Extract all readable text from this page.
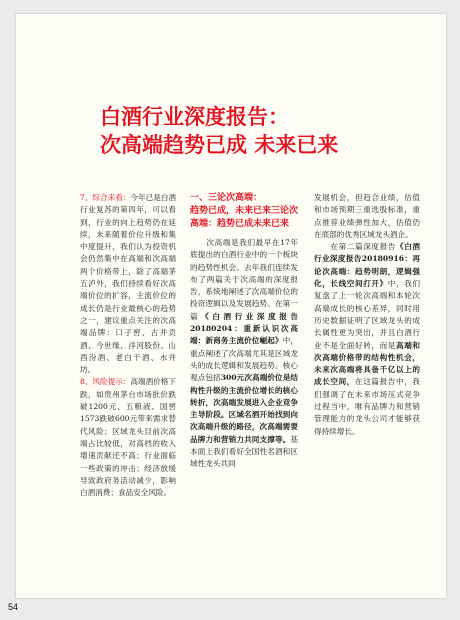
白酒行业深度报告：
次高端趋势已成 未来已来

7、综合来看：今年已是白酒行业复苏的第四年，可以看到，行业的向上趋势仍在延续，未来随着价位升级和集中度提升，我们认为投资机会仍然集中在高端和次高端两个价格带上，除了高端茅五泸外，我们持续看好次高端价位的扩容，主流价位的成长仍是行业最核心的趋势之一，建议重点关注的次高端品牌：口子窖、古井贡酒、今世缘、洋河股份、山西汾酒、老白干酒、水井坊。

8、风险提示：高端酒价格下跌，如贵州茅台市场批价跌破1200元、五粮液、国窖1573跌破600元带来需求替代风险；区域龙头目前次高端占比较低，对高档的收入增速贡献还不高；行业面临一些政策的冲击；经济放缓导致政府务活动减少，影响白酒消费；食品安全风险。

一、三论次高端：
趋势已成，未来已来三论次高端：趋势已成未来已来

　　次高端是我们最早在17年底提出的白酒行业中的一个板块的趋势性机会。去年我们连续发布了两篇关于次高端的深度报告，系统地阐述了次高端价位的投资逻辑以及发展趋势。在第一篇《白酒行业深度报告20180204：重新认识次高端：新商务主流价位崛起》中，重点阐述了次高端尤其是区域龙头的成长逻辑和发展趋势。核心观点包括300元次高端价位是结构性升级的主流价位增长的核心转折，次高端发展进入企业竞争主导阶段。区域名酒开始找到向次高端升级的路径，次高端需要品牌力和营销力共同支撑等。基本面上我们看好全国性名酒和区域性龙头共同

发展机会，但趋合业绩，估值和市场预期三重选股标准，重点推荐业绩弹性加大，估值仍在底部的优秀区域龙头酒企。

　　在第二篇深度报告《白酒行业深度报告20180916：再论次高端：趋势明朗，逻辑强化，长线空间打开》中，我们复盘了上一轮次高端和本轮次高端成长的核心差异，同时用历史数据证明了区域龙头的成长属性更为突出，并且白酒行业不是全面好转，而是高端和次高端价格带的结构性机会，未来次高端将具备千亿以上的成长空间，在这篇报告中，我们强调了在未来市场压式竞争过程当中，唯有品牌力和营销管理能力的龙头公司才能够获得持续增长。

54
